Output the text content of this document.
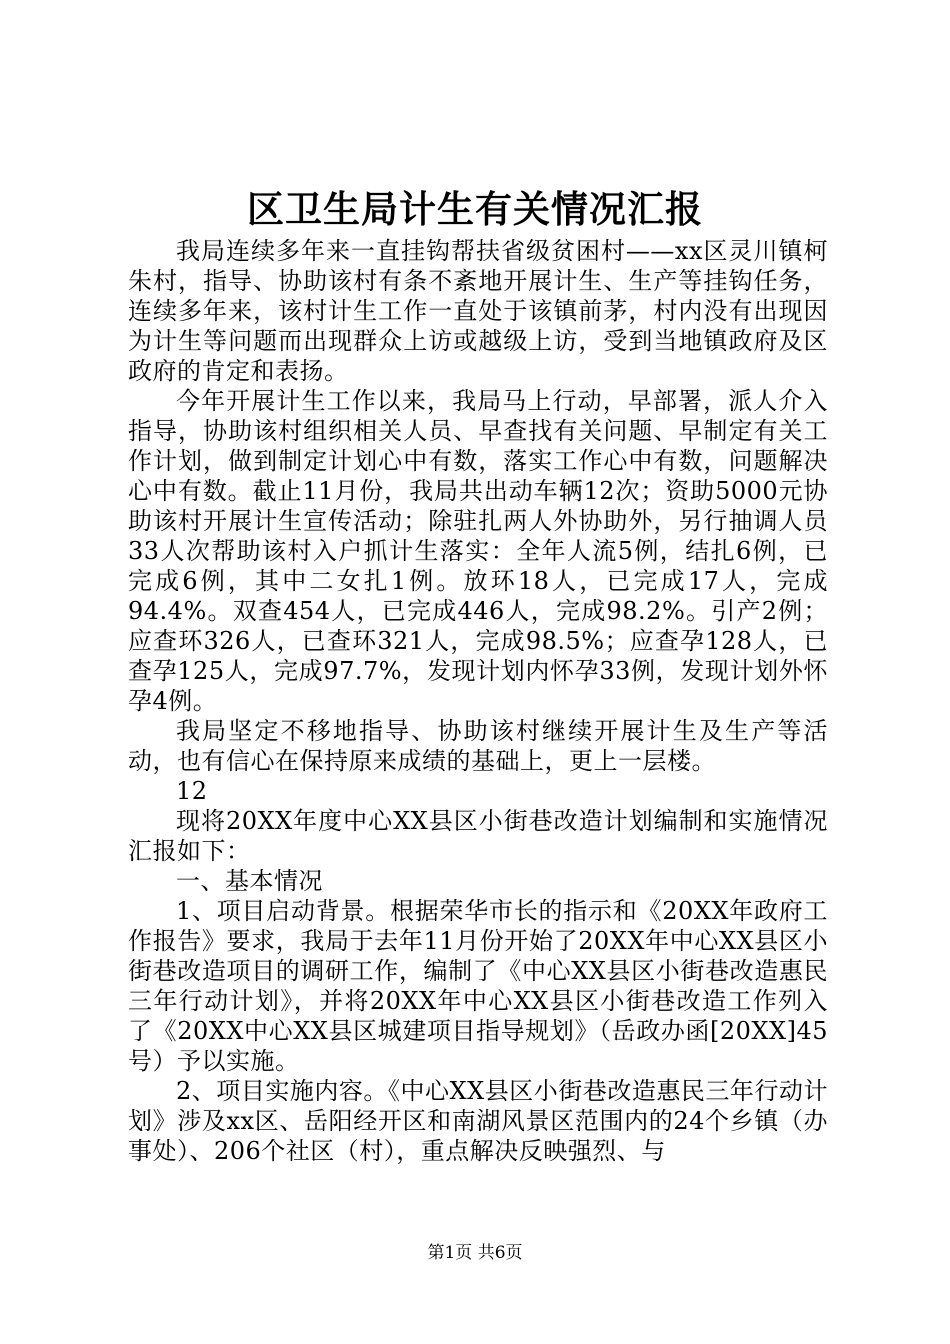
区卫生局计生有关情况汇报

我局连续多年来一直挂钩帮扶省级贫困村——xx区灵川镇柯朱村，指导、协助该村有条不紊地开展计生、生产等挂钩任务，连续多年来，该村计生工作一直处于该镇前茅，村内没有出现因为计生等问题而出现群众上访或越级上访，受到当地镇政府及区政府的肯定和表扬。

今年开展计生工作以来，我局马上行动，早部署，派人介入指导，协助该村组织相关人员、早查找有关问题、早制定有关工作计划，做到制定计划心中有数，落实工作心中有数，问题解决心中有数。截止11月份，我局共出动车辆12次；资助5000元协助该村开展计生宣传活动；除驻扎两人外协助外，另行抽调人员33人次帮助该村入户抓计生落实：全年人流5例，结扎6例，已完成6例，其中二女扎1例。放环18人，已完成17人，完成94.4%。双查454人，已完成446人，完成98.2%。引产2例；应查环326人，已查环321人，完成98.5%；应查孕128人，已查孕125人，完成97.7%，发现计划内怀孕33例，发现计划外怀孕4例。

我局坚定不移地指导、协助该村继续开展计生及生产等活动，也有信心在保持原来成绩的基础上，更上一层楼。

12

现将20XX年度中心XX县区小街巷改造计划编制和实施情况汇报如下：

一、基本情况

1、项目启动背景。根据荣华市长的指示和《20XX年政府工作报告》要求，我局于去年11月份开始了20XX年中心XX县区小街巷改造项目的调研工作，编制了《中心XX县区小街巷改造惠民三年行动计划》，并将20XX年中心XX县区小街巷改造工作列入了《20XX中心XX县区城建项目指导规划》（岳政办函[20XX]45号）予以实施。

2、项目实施内容。《中心XX县区小街巷改造惠民三年行动计划》涉及xx区、岳阳经开区和南湖风景区范围内的24个乡镇（办事处）、206个社区（村），重点解决反映强烈、与

第1页 共6页
